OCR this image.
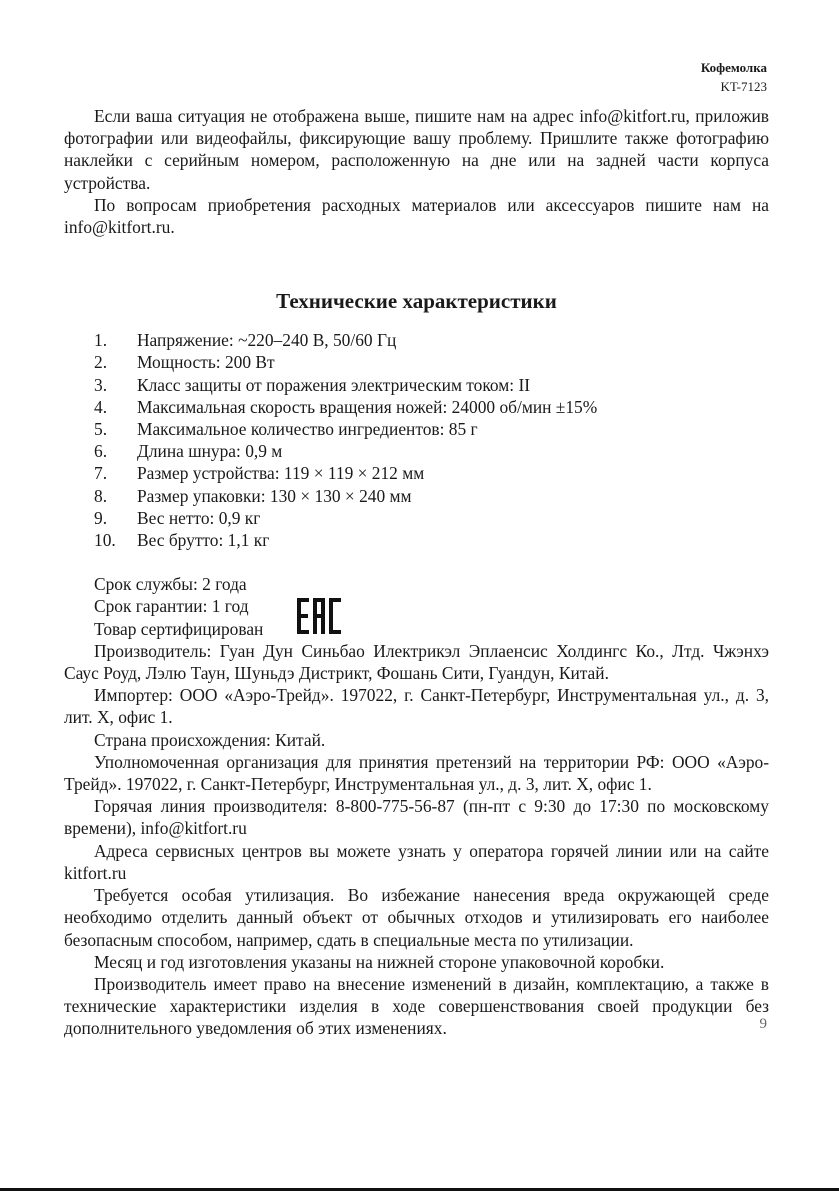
Кофемолка
KT-7123

Если ваша ситуация не отображена выше, пишите нам на адрес info@kitfort.ru, приложив фотографии или видеофайлы, фиксирующие вашу проблему. Пришлите также фотографию наклейки с серийным номером, расположенную на дне или на задней части корпуса устройства.

По вопросам приобретения расходных материалов или аксессуаров пишите нам на info@kitfort.ru.

Технические характеристики
1.	Напряжение: ~220–240 В, 50/60 Гц
2.	Мощность: 200 Вт
3.	Класс защиты от поражения электрическим током: II
4.	Максимальная скорость вращения ножей: 24000 об/мин ±15%
5.	Максимальное количество ингредиентов: 85 г
6.	Длина шнура: 0,9 м
7.	Размер устройства: 119 × 119 × 212 мм
8.	Размер упаковки: 130 × 130 × 240 мм
9.	Вес нетто: 0,9 кг
10.	Вес брутто: 1,1 кг
Срок службы: 2 года
Срок гарантии: 1 год
Товар сертифицирован

Производитель: Гуан Дун Синьбао Илектрикэл Эплаенсис Холдингс Ко., Лтд. Чжэнхэ Саус Роуд, Лэлю Таун, Шуньдэ Дистрикт, Фошань Сити, Гуандун, Китай.

Импортер: ООО «Аэро-Трейд». 197022, г. Санкт-Петербург, Инструментальная ул., д. 3, лит. Х, офис 1.

Страна происхождения: Китай.

Уполномоченная организация для принятия претензий на территории РФ: ООО «Аэро-Трейд». 197022, г. Санкт-Петербург, Инструментальная ул., д. 3, лит. Х, офис 1.

Горячая линия производителя: 8-800-775-56-87 (пн-пт с 9:30 до 17:30 по московскому времени), info@kitfort.ru

Адреса сервисных центров вы можете узнать у оператора горячей линии или на сайте kitfort.ru

Требуется особая утилизация. Во избежание нанесения вреда окружающей среде необходимо отделить данный объект от обычных отходов и утилизировать его наиболее безопасным способом, например, сдать в специальные места по утилизации.

Месяц и год изготовления указаны на нижней стороне упаковочной коробки.

Производитель имеет право на внесение изменений в дизайн, комплектацию, а также в технические характеристики изделия в ходе совершенствования своей продукции без дополнительного уведомления об этих изменениях.	9
